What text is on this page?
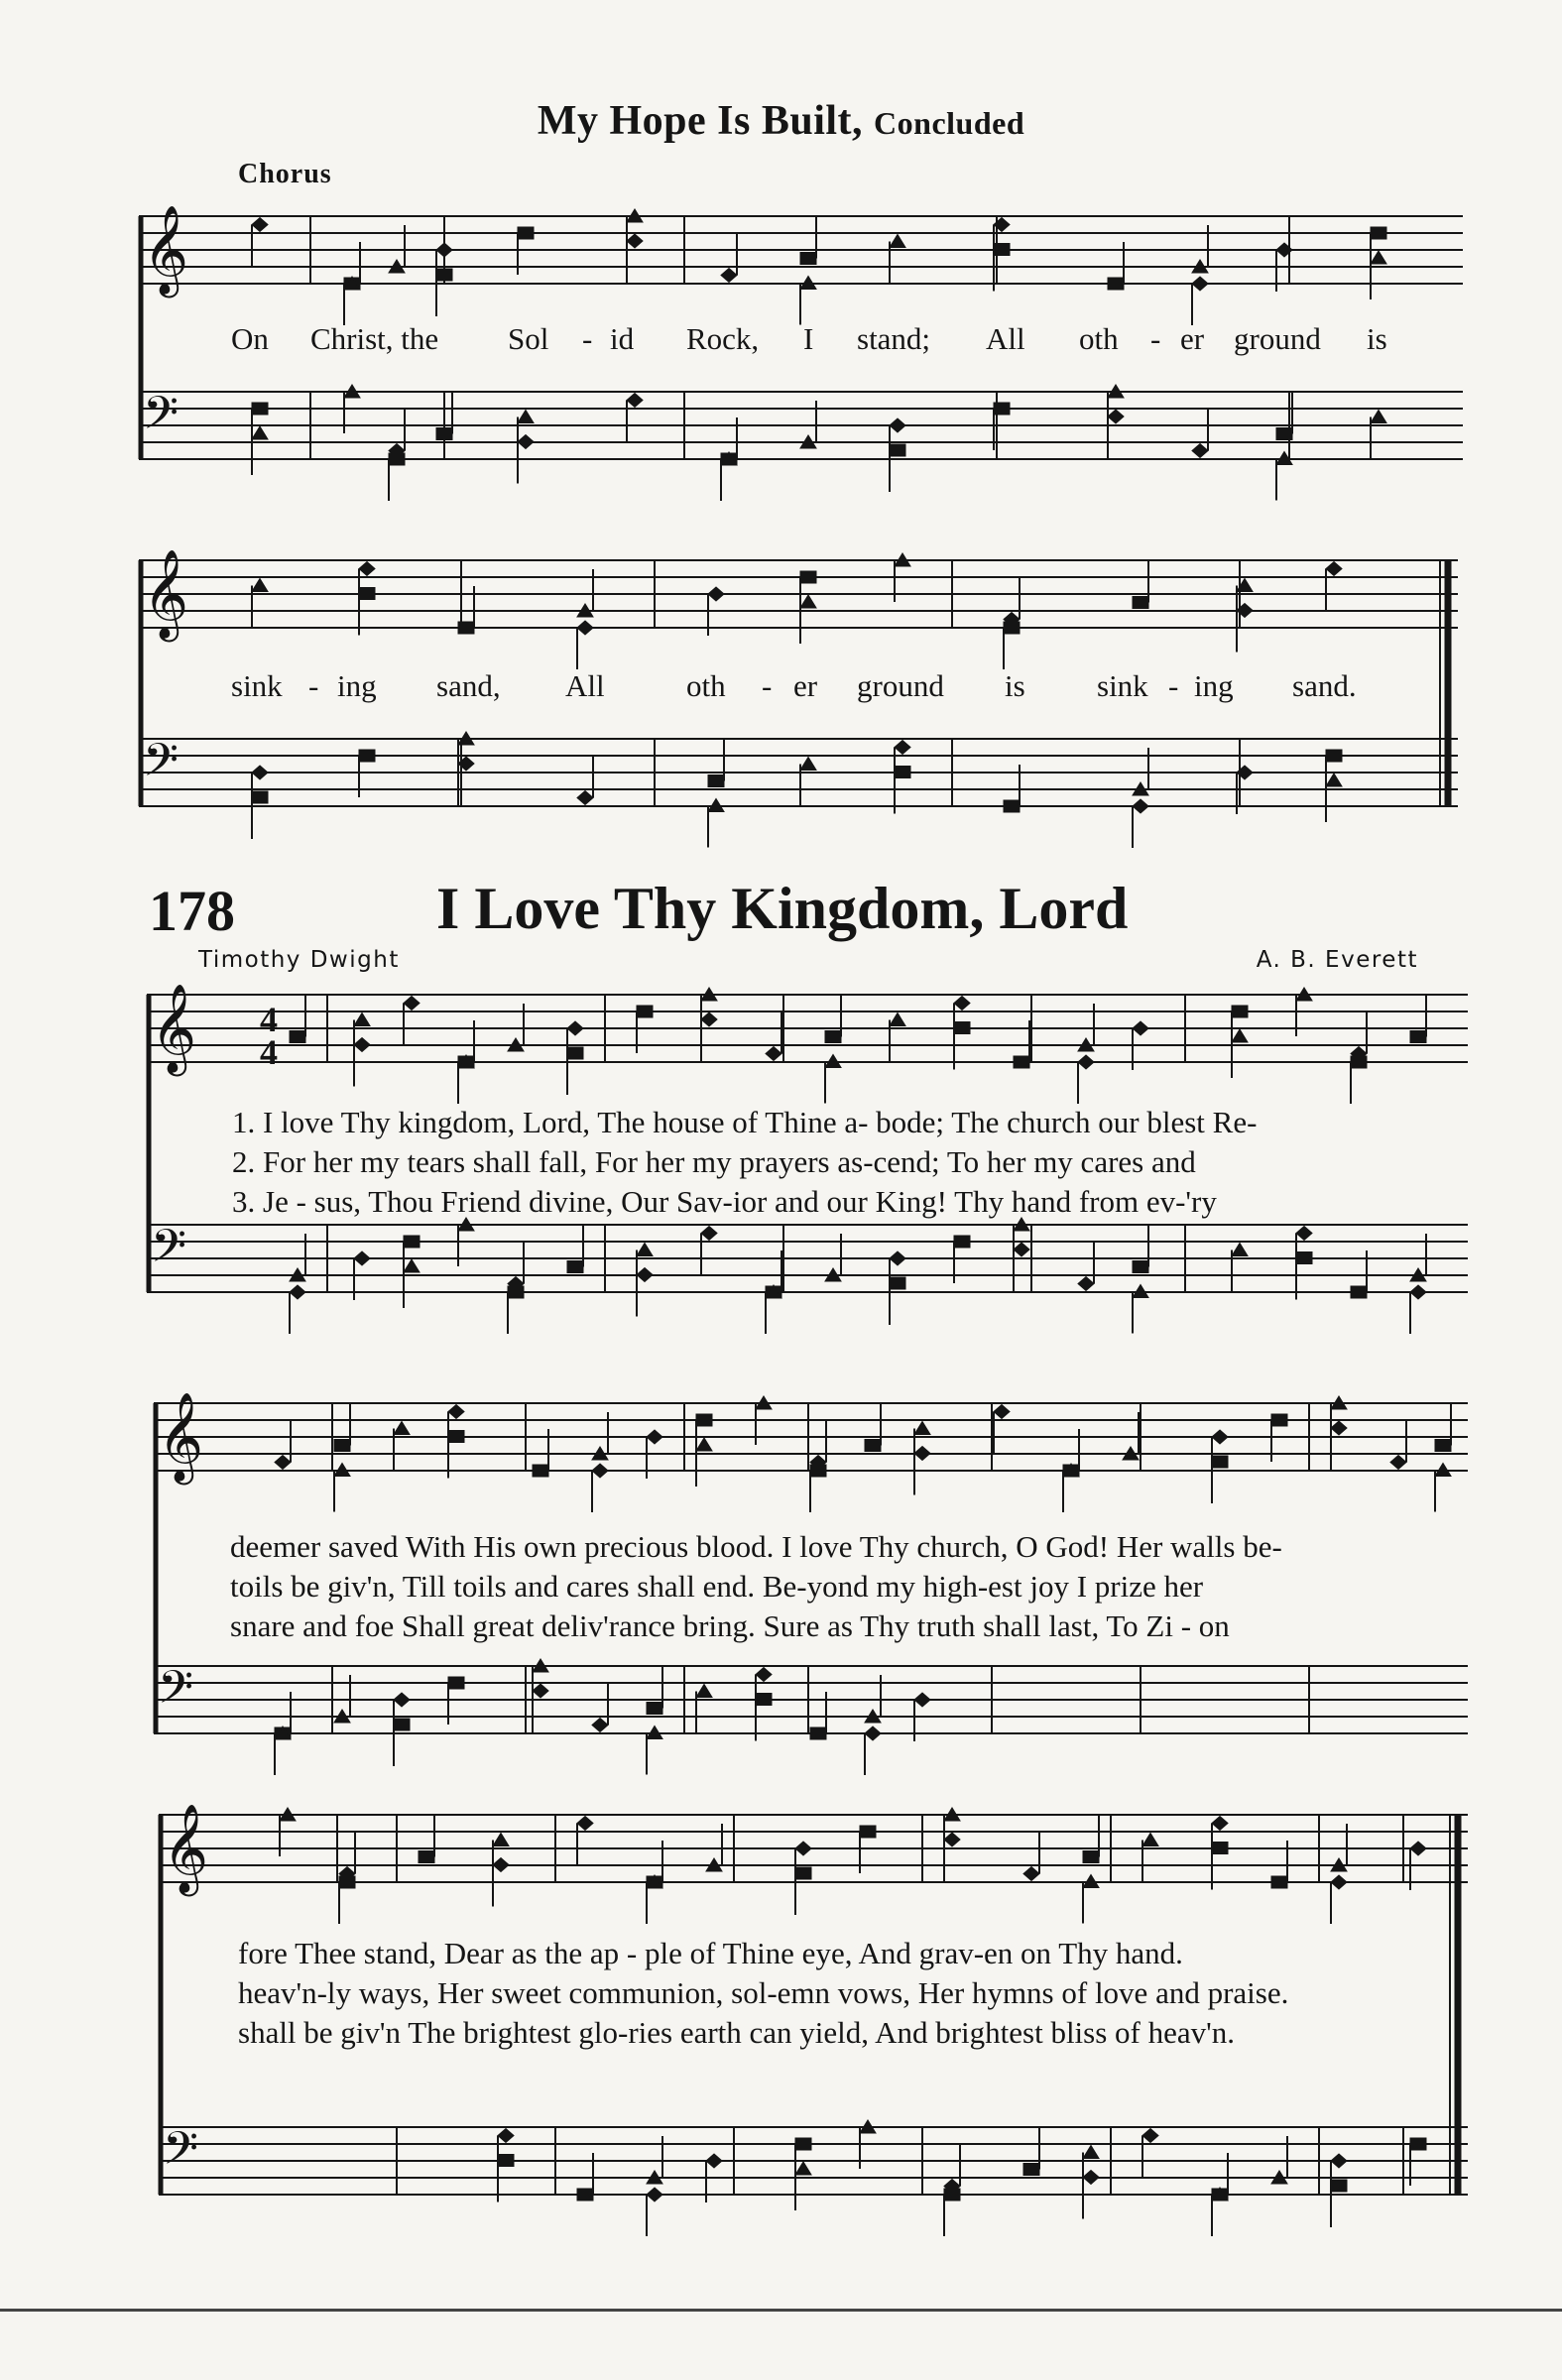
My Hope Is Built, Concluded
Chorus
𝄞
𝄢
𝄞
𝄢
𝄞
𝄢
4
4
𝄞
𝄢
𝄞
𝄢
On Christ, the Sol - id Rock, I stand; All oth - er ground is
sink - ing sand, All	oth - er ground is sink - ing sand.
178	I Love Thy Kingdom, Lord
Timothy Dwight	A. B. Everett
1. I love Thy kingdom, Lord, The house of Thine a- bode; The church our blest Re-
2. For her my tears shall fall, For her my prayers as-cend; To her my cares and
3. Je - sus, Thou Friend divine, Our Sav-ior and our King! Thy hand from ev-'ry
deemer saved With His own precious blood. I love Thy church, O God! Her walls be-
toils be giv'n, Till toils and cares shall end. Be-yond my high-est joy I prize her
snare and foe Shall great deliv'rance bring. Sure as Thy truth shall last, To Zi - on
fore Thee stand, Dear as the ap - ple of Thine eye, And grav-en on Thy hand.
heav'n-ly ways, Her sweet communion, sol-emn vows, Her hymns of love and praise.
shall be giv'n The brightest glo-ries earth can yield, And brightest bliss of heav'n.
